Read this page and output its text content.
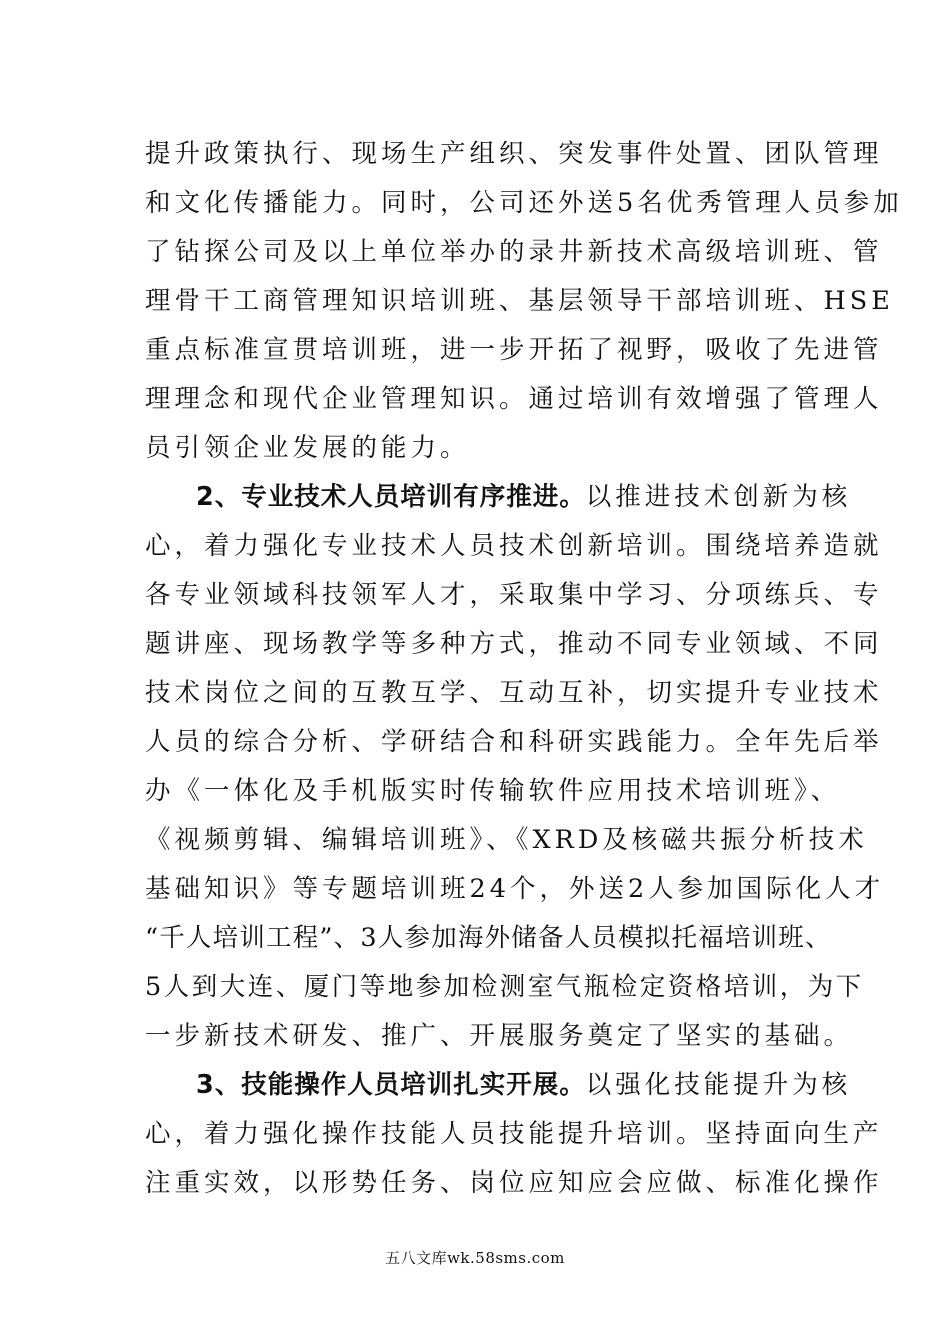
提升政策执行、现场生产组织、突发事件处置、团队管理
和文化传播能力。同时，公司还外送5名优秀管理人员参加
了钻探公司及以上单位举办的录井新技术高级培训班、管
理骨干工商管理知识培训班、基层领导干部培训班、HSE
重点标准宣贯培训班，进一步开拓了视野，吸收了先进管
理理念和现代企业管理知识。通过培训有效增强了管理人
员引领企业发展的能力。
2、专业技术人员培训有序推进。以推进技术创新为核
心，着力强化专业技术人员技术创新培训。围绕培养造就
各专业领域科技领军人才，采取集中学习、分项练兵、专
题讲座、现场教学等多种方式，推动不同专业领域、不同
技术岗位之间的互教互学、互动互补，切实提升专业技术
人员的综合分析、学研结合和科研实践能力。全年先后举
办《一体化及手机版实时传输软件应用技术培训班》、
《视频剪辑、编辑培训班》、《XRD及核磁共振分析技术
基础知识》等专题培训班24个，外送2人参加国际化人才
“千人培训工程”、3人参加海外储备人员模拟托福培训班、
5人到大连、厦门等地参加检测室气瓶检定资格培训，为下
一步新技术研发、推广、开展服务奠定了坚实的基础。
3、技能操作人员培训扎实开展。以强化技能提升为核
心，着力强化操作技能人员技能提升培训。坚持面向生产
注重实效，以形势任务、岗位应知应会应做、标准化操作
五八文库wk.58sms.com
